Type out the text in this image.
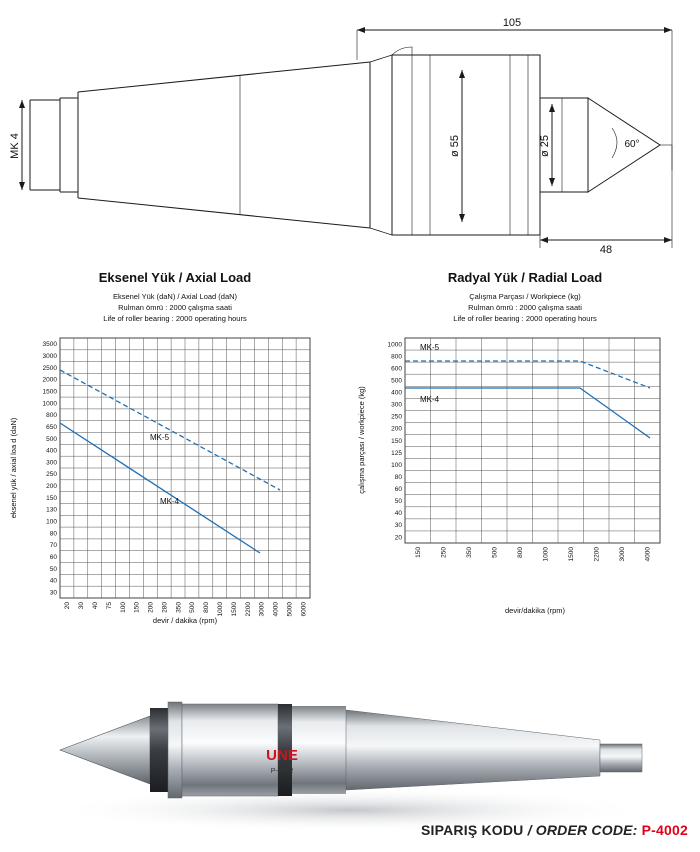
105
48
ø 55	ø 25	60°
MK 4
Eksenel Yük / Axial Load
Eksenel Yük (daN) / Axial Load (daN)
Rulman ömrü : 2000 çalışma saati
Life of roller bearing : 2000 operating hours
MK-5
MK-4
30
40
50
60
70
80
100
130
150
200
250
300
400
500
650
800
1000
1500
2000
2500
3000
3500
20 30 40 75 100 150 200 280 350 500 800 1000 1500 2200 3000 4000 5000 6000
eksenel yük / axial loa d (daN)
devir / dakika (rpm)
Radyal Yük / Radial Load
Çalışma Parçası / Workpiece (kg)
Rulman ömrü : 2000 çalışma saati
Life of roller bearing : 2000 operating hours
MK-5
MK-4
20
30
40
50
60
80
100
125
150
200
250
300
400
500
600
800
1000
150	250	350	500	800	1000	1500	2200	3000	4000
çalışma parçası / workpiece (kg)
devir/dakika (rpm)
UNE
P-4002
SIPARIŞ KODU / ORDER CODE: P-4002
